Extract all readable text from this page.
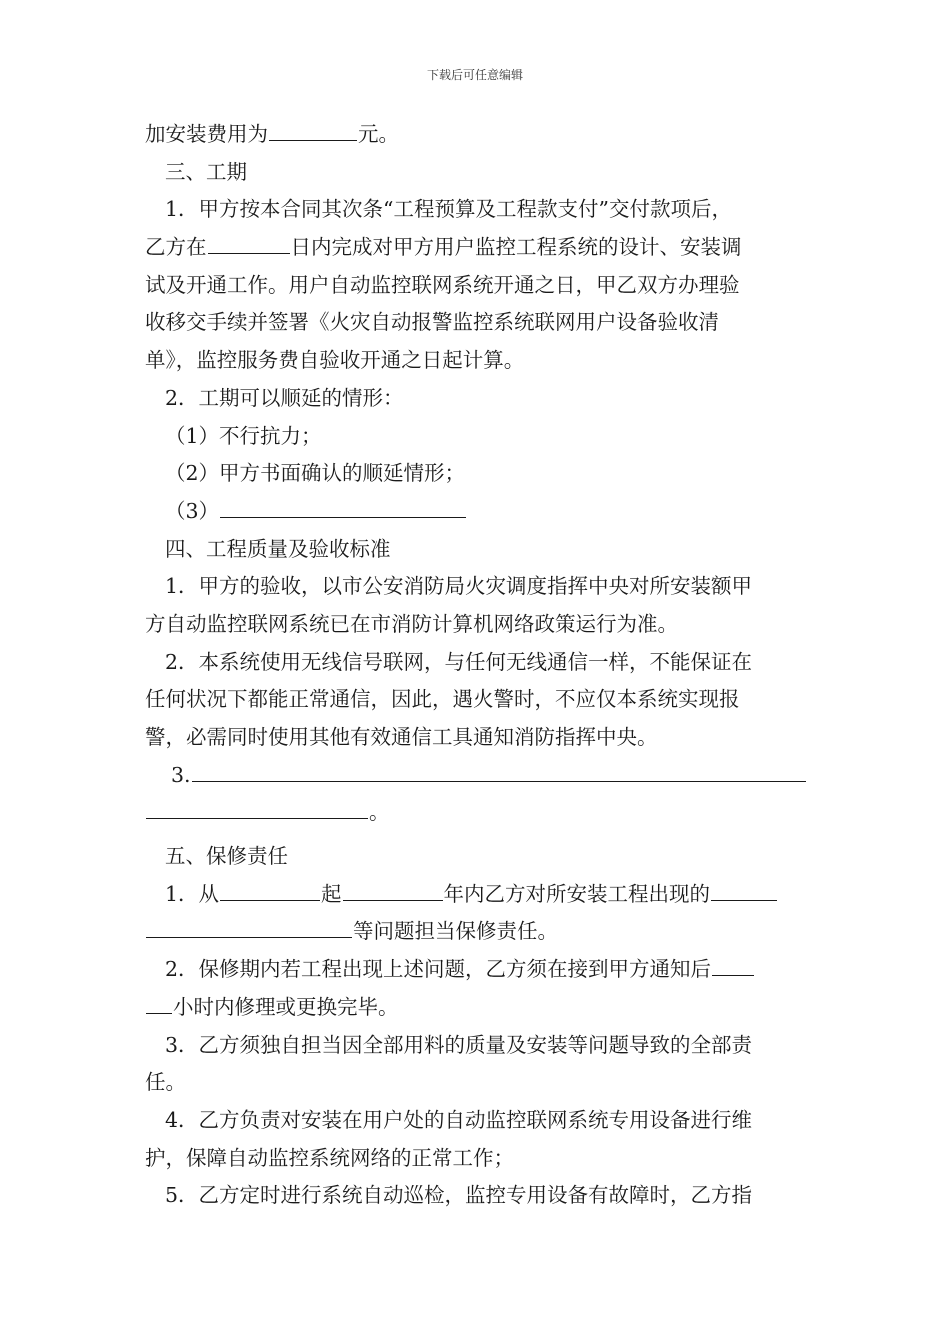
下载后可任意编辑
加安装费用为	元。
三、工期
1．甲方按本合同其次条“工程预算及工程款支付”交付款项后，
乙方在	日内完成对甲方用户监控工程系统的设计、安装调
试及开通工作。用户自动监控联网系统开通之日，甲乙双方办理验
收移交手续并签署《火灾自动报警监控系统联网用户设备验收清
单》，监控服务费自验收开通之日起计算。
2．工期可以顺延的情形：
（1）不行抗力；
（2）甲方书面确认的顺延情形；
（3）
四、工程质量及验收标准
1．甲方的验收，以市公安消防局火灾调度指挥中央对所安装额甲
方自动监控联网系统已在市消防计算机网络政策运行为准。
2．本系统使用无线信号联网，与任何无线通信一样，不能保证在
任何状况下都能正常通信，因此，遇火警时，不应仅本系统实现报
警，必需同时使用其他有效通信工具通知消防指挥中央。
3.
。
五、保修责任
1．从	起	年内乙方对所安装工程出现的
等问题担当保修责任。
2．保修期内若工程出现上述问题，乙方须在接到甲方通知后
小时内修理或更换完毕。
3．乙方须独自担当因全部用料的质量及安装等问题导致的全部责
任。
4．乙方负责对安装在用户处的自动监控联网系统专用设备进行维
护，保障自动监控系统网络的正常工作；
5．乙方定时进行系统自动巡检，监控专用设备有故障时，乙方指
